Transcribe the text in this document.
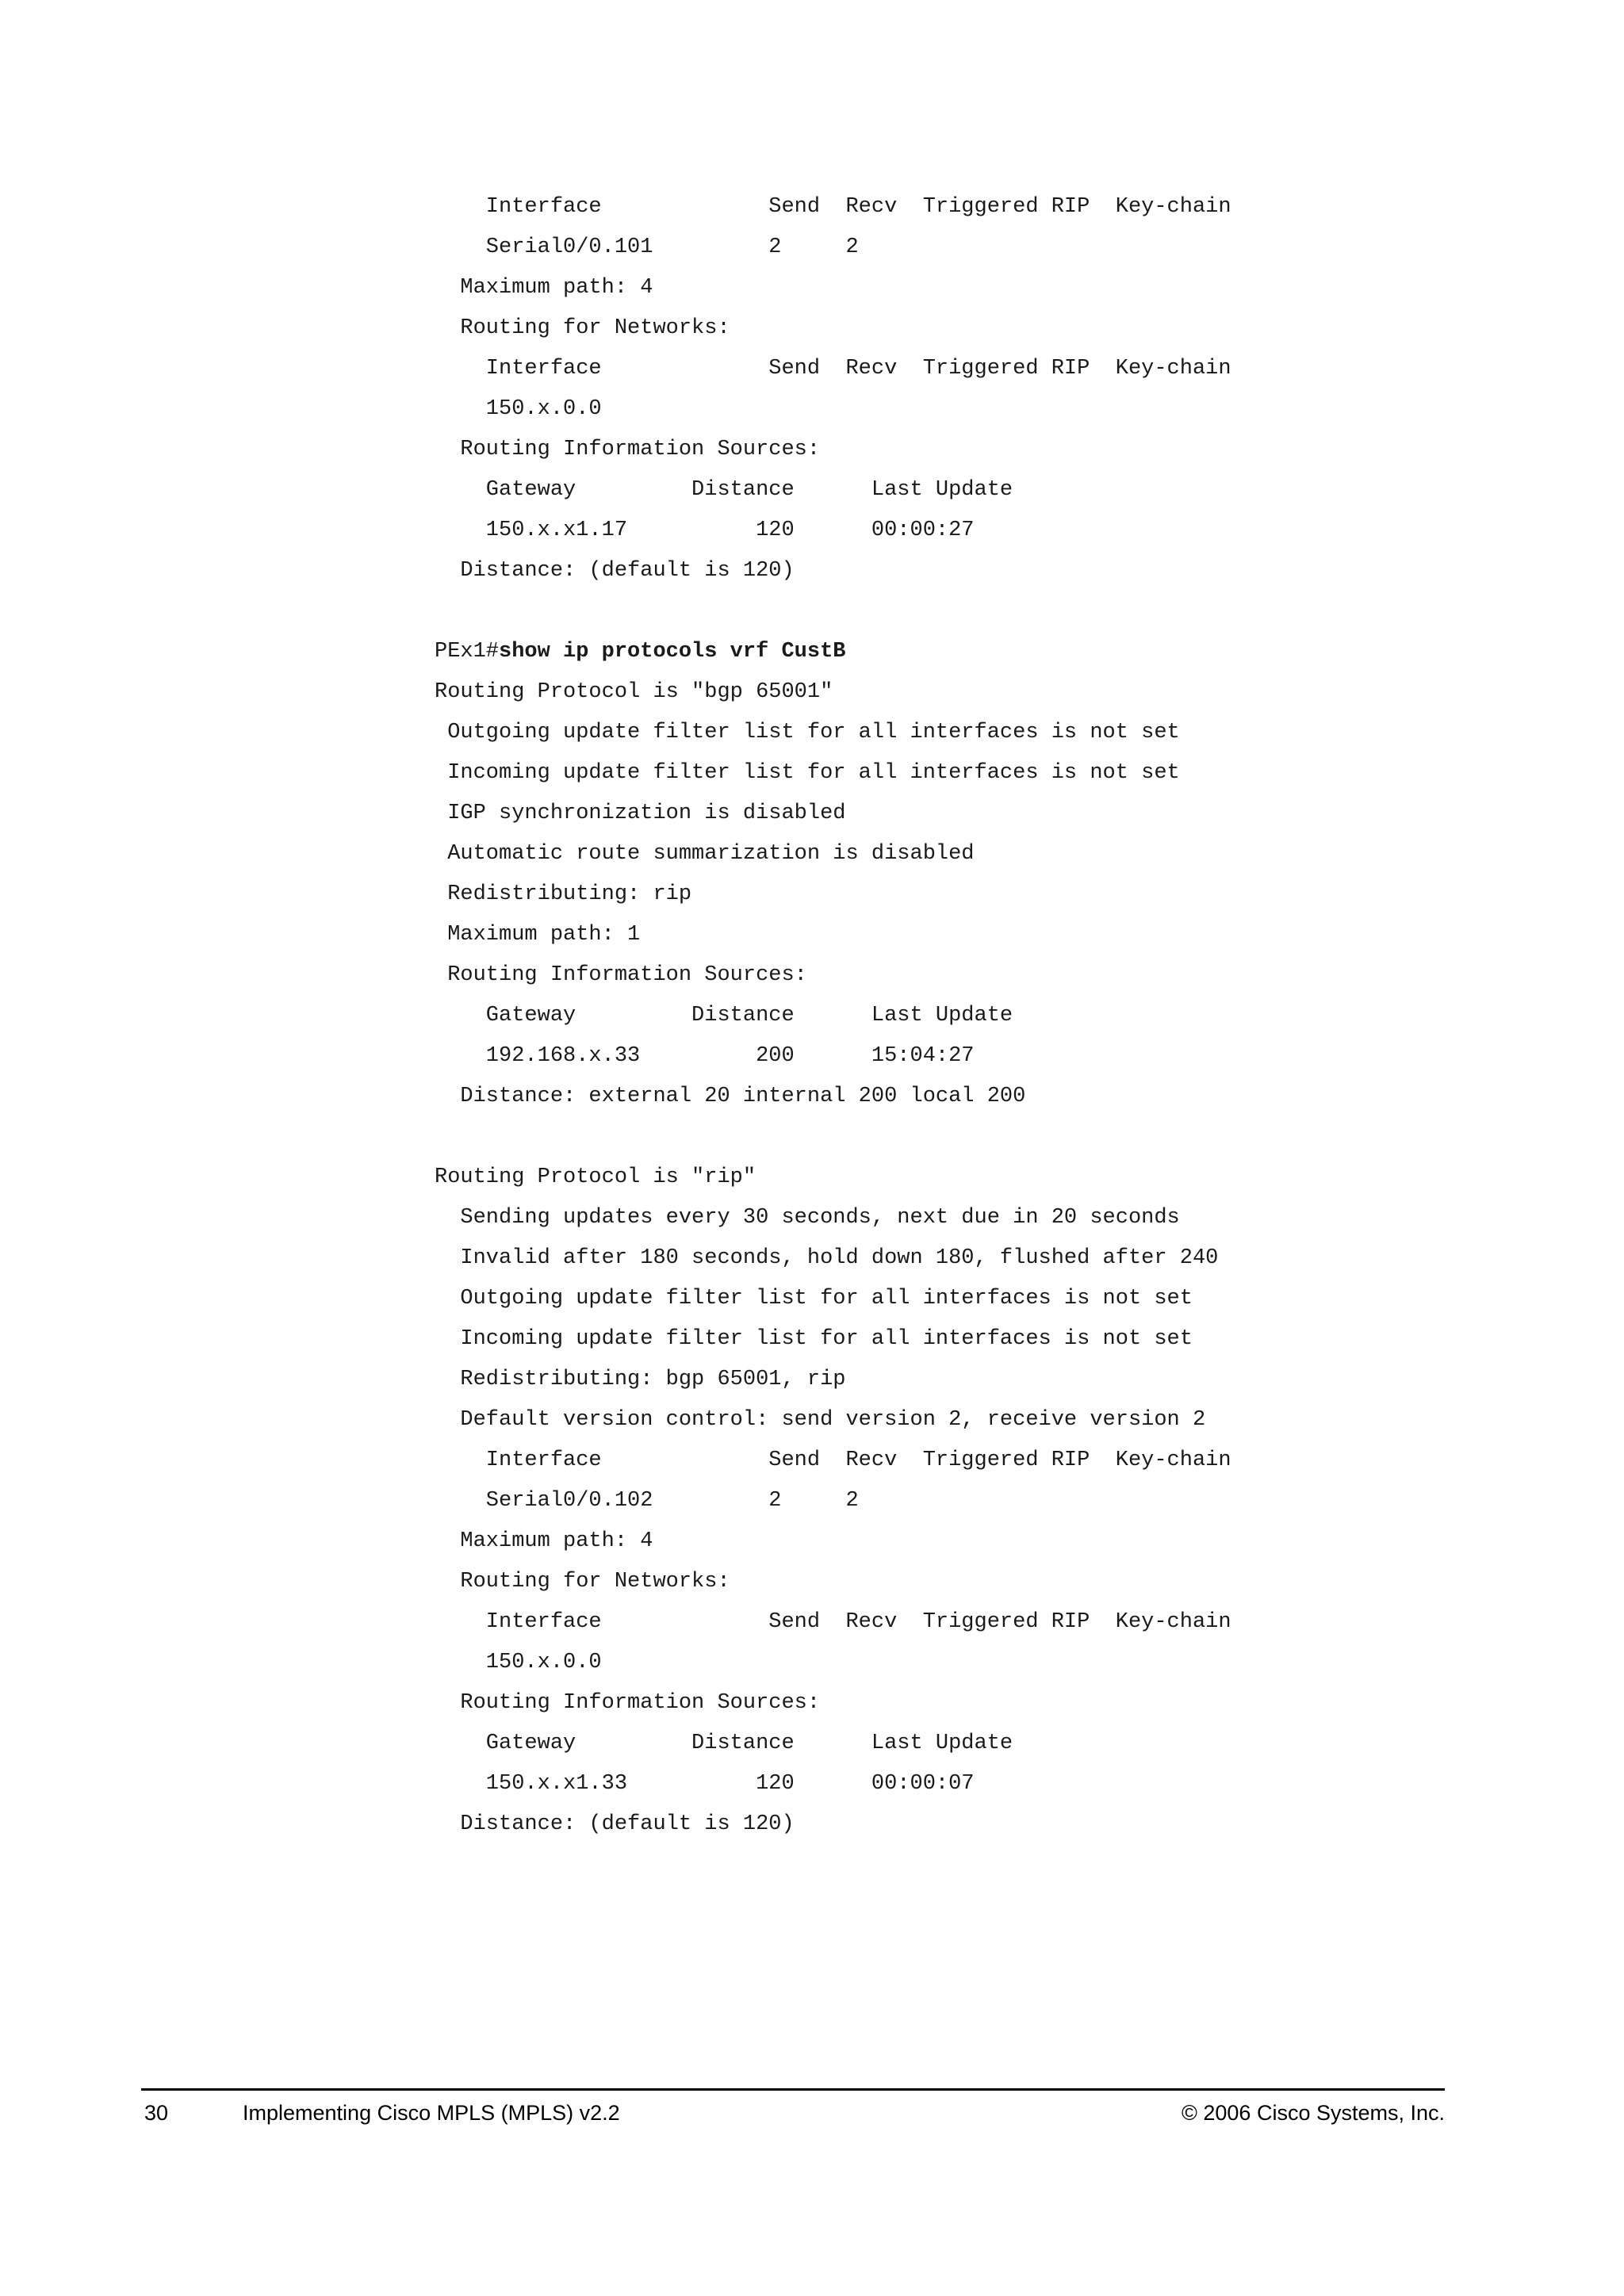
Interface             Send  Recv  Triggered RIP  Key-chain
Serial0/0.101         2     2
Maximum path: 4
Routing for Networks:
Interface             Send  Recv  Triggered RIP  Key-chain
150.x.0.0
Routing Information Sources:
Gateway         Distance      Last Update
150.x.x1.17          120      00:00:27
Distance: (default is 120)
PEx1#show ip protocols vrf CustB
Routing Protocol is "bgp 65001"
Outgoing update filter list for all interfaces is not set
Incoming update filter list for all interfaces is not set
IGP synchronization is disabled
Automatic route summarization is disabled
Redistributing: rip
Maximum path: 1
Routing Information Sources:
Gateway         Distance      Last Update
192.168.x.33         200      15:04:27
Distance: external 20 internal 200 local 200
Routing Protocol is "rip"
Sending updates every 30 seconds, next due in 20 seconds
Invalid after 180 seconds, hold down 180, flushed after 240
Outgoing update filter list for all interfaces is not set
Incoming update filter list for all interfaces is not set
Redistributing: bgp 65001, rip
Default version control: send version 2, receive version 2
Interface             Send  Recv  Triggered RIP  Key-chain
Serial0/0.102         2     2
Maximum path: 4
Routing for Networks:
Interface             Send  Recv  Triggered RIP  Key-chain
150.x.0.0
Routing Information Sources:
Gateway         Distance      Last Update
150.x.x1.33          120      00:00:07
Distance: (default is 120)
30	Implementing Cisco MPLS (MPLS) v2.2	© 2006 Cisco Systems, Inc.
